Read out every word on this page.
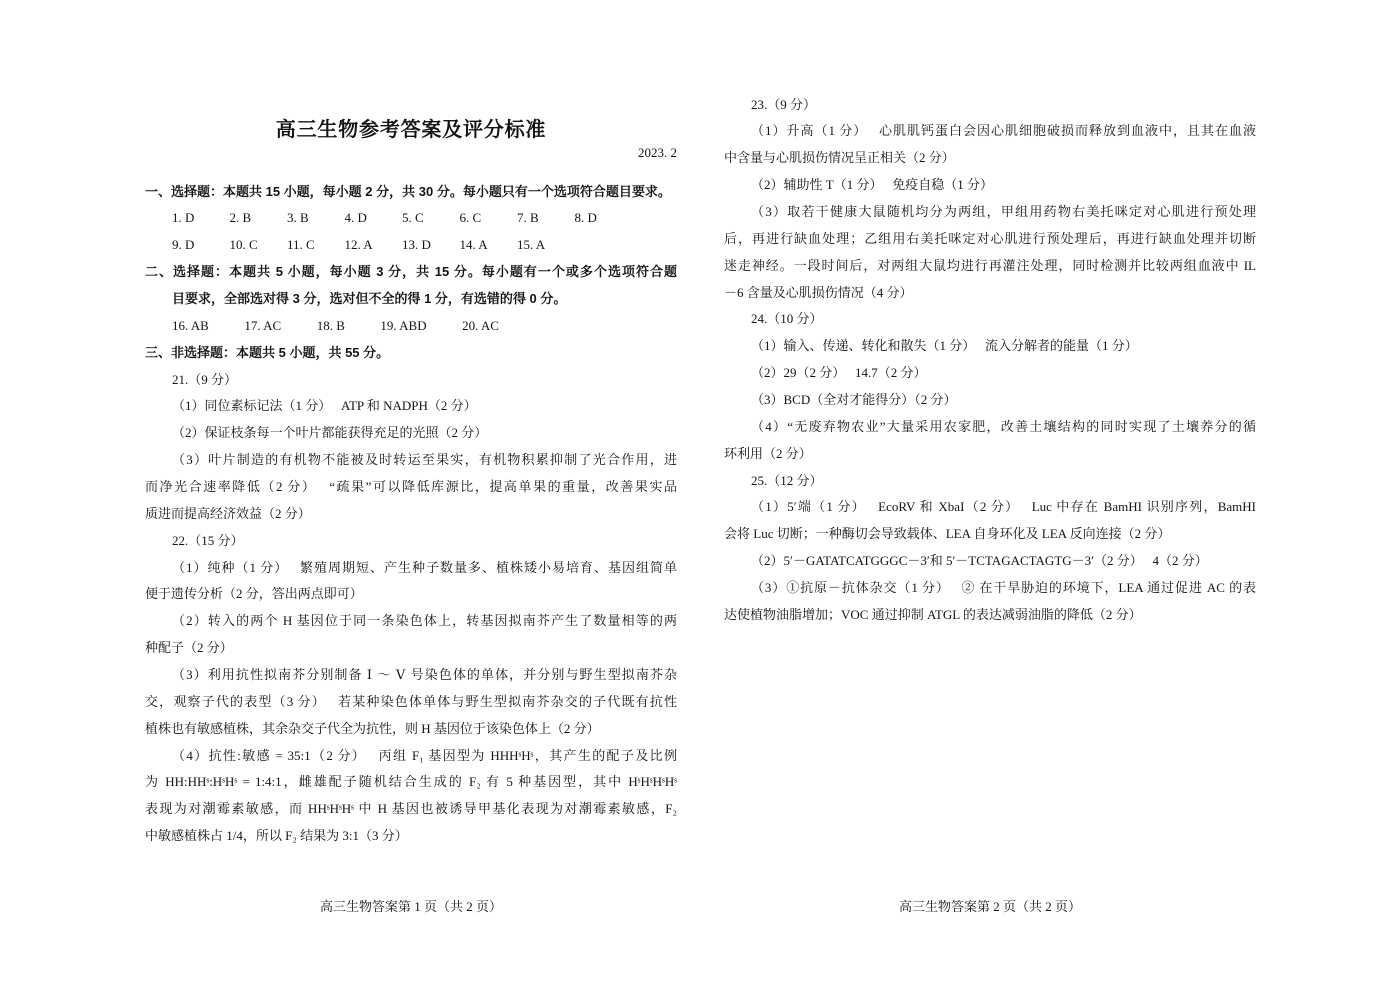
高三生物参考答案及评分标准
2023. 2
一、选择题：本题共 15 小题，每小题 2 分，共 30 分。每小题只有一个选项符合题目要求。
1. D	2. B	3. B	4. D	5. C	6. C	7. B	8. D
9. D	10. C 11. C 12. A 13. D 14. A 15. A
二、选择题：本题共 5 小题，每小题 3 分，共 15 分。每小题有一个或多个选项符合题
目要求，全部选对得 3 分，选对但不全的得 1 分，有选错的得 0 分。
16. AB	17. AC	18. B	19. ABD	20. AC
三、非选择题：本题共 5 小题，共 55 分。
21.（9 分）
（1）同位素标记法（1 分）　 ATP 和 NADPH（2 分）
（2）保证枝条每一个叶片都能获得充足的光照（2 分）
（3）叶片制造的有机物不能被及时转运至果实，有机物积累抑制了光合作用，进
而净光合速率降低（2 分）　 “疏果”可以降低库源比，提高单果的重量，改善果实品
质进而提高经济效益（2 分）
22.（15 分）
（1）纯种（1 分）　 繁殖周期短、产生种子数量多、植株矮小易培育、基因组简单
便于遗传分析（2 分，答出两点即可）
（2）转入的两个 H 基因位于同一条染色体上，转基因拟南芥产生了数量相等的两
种配子（2 分）
（3）利用抗性拟南芥分别制备 Ⅰ ～ Ⅴ 号染色体的单体，并分别与野生型拟南芥杂
交，观察子代的表型（3 分）　 若某种染色体单体与野生型拟南芥杂交的子代既有抗性
植株也有敏感植株，其余杂交子代全为抗性，则 H 基因位于该染色体上（2 分）
（4）抗性:敏感 = 35:1（2 分）　 丙组 F₁ 基因型为 HHHˢHˢ，其产生的配子及比例
为 HH:HHˢ:HˢHˢ = 1:4:1，雌雄配子随机结合生成的 F₂ 有 5 种基因型，其中 HˢHˢHˢHˢ
表现为对潮霉素敏感，而 HHˢHˢHˢ 中 H 基因也被诱导甲基化表现为对潮霉素敏感，F₂
中敏感植株占 1/4，所以 F₂ 结果为 3:1（3 分）
23.（9 分）
（1）升高（1 分）　 心肌肌钙蛋白会因心肌细胞破损而释放到血液中，且其在血液
中含量与心肌损伤情况呈正相关（2 分）
（2）辅助性 T（1 分）　 免疫自稳（1 分）
（3）取若干健康大鼠随机均分为两组，甲组用药物右美托咪定对心肌进行预处理
后，再进行缺血处理；乙组用右美托咪定对心肌进行预处理后，再进行缺血处理并切断
迷走神经。一段时间后，对两组大鼠均进行再灌注处理，同时检测并比较两组血液中 IL
－6 含量及心肌损伤情况（4 分）
24.（10 分）
（1）输入、传递、转化和散失（1 分）　 流入分解者的能量（1 分）
（2）29（2 分）　 14.7（2 分）
（3）BCD（全对才能得分）（2 分）
（4）“无废弃物农业”大量采用农家肥，改善土壤结构的同时实现了土壤养分的循
环利用（2 分）
25.（12 分）
（1）5′端（1 分）　 EcoRV 和 XbaI（2 分）　 Luc 中存在 BamHI 识别序列，BamHI
会将 Luc 切断；一种酶切会导致载体、LEA 自身环化及 LEA 反向连接（2 分）
（2）5′－GATATCATGGGC－3′和 5′－TCTAGACTAGTG－3′（2 分）　 4（2 分）
（3）①抗原－抗体杂交（1 分）　 ② 在干旱胁迫的环境下，LEA 通过促进 AC 的表
达使植物油脂增加；VOC 通过抑制 ATGL 的表达减弱油脂的降低（2 分）
高三生物答案第 1 页（共 2 页）	高三生物答案第 2 页（共 2 页）
